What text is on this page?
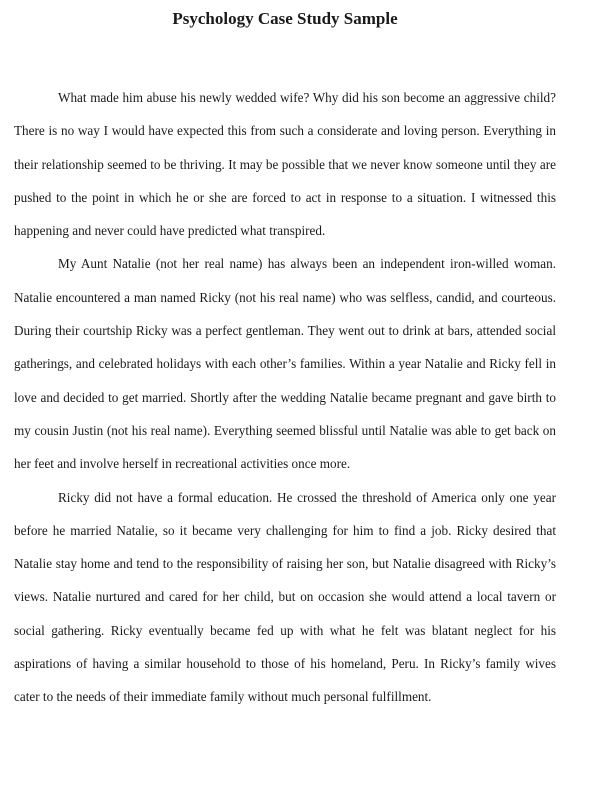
Psychology Case Study Sample

What made him abuse his newly wedded wife? Why did his son become an aggressive child? There is no way I would have expected this from such a considerate and loving person. Everything in their relationship seemed to be thriving. It may be possible that we never know someone until they are pushed to the point in which he or she are forced to act in response to a situation. I witnessed this happening and never could have predicted what transpired.

My Aunt Natalie (not her real name) has always been an independent iron-willed woman. Natalie encountered a man named Ricky (not his real name) who was selfless, candid, and courteous. During their courtship Ricky was a perfect gentleman. They went out to drink at bars, attended social gatherings, and celebrated holidays with each other’s families. Within a year Natalie and Ricky fell in love and decided to get married. Shortly after the wedding Natalie became pregnant and gave birth to my cousin Justin (not his real name). Everything seemed blissful until Natalie was able to get back on her feet and involve herself in recreational activities once more.

Ricky did not have a formal education. He crossed the threshold of America only one year before he married Natalie, so it became very challenging for him to find a job. Ricky desired that Natalie stay home and tend to the responsibility of raising her son, but Natalie disagreed with Ricky’s views. Natalie nurtured and cared for her child, but on occasion she would attend a local tavern or social gathering. Ricky eventually became fed up with what he felt was blatant neglect for his aspirations of having a similar household to those of his homeland, Peru. In Ricky’s family wives cater to the needs of their immediate family without much personal fulfillment.
